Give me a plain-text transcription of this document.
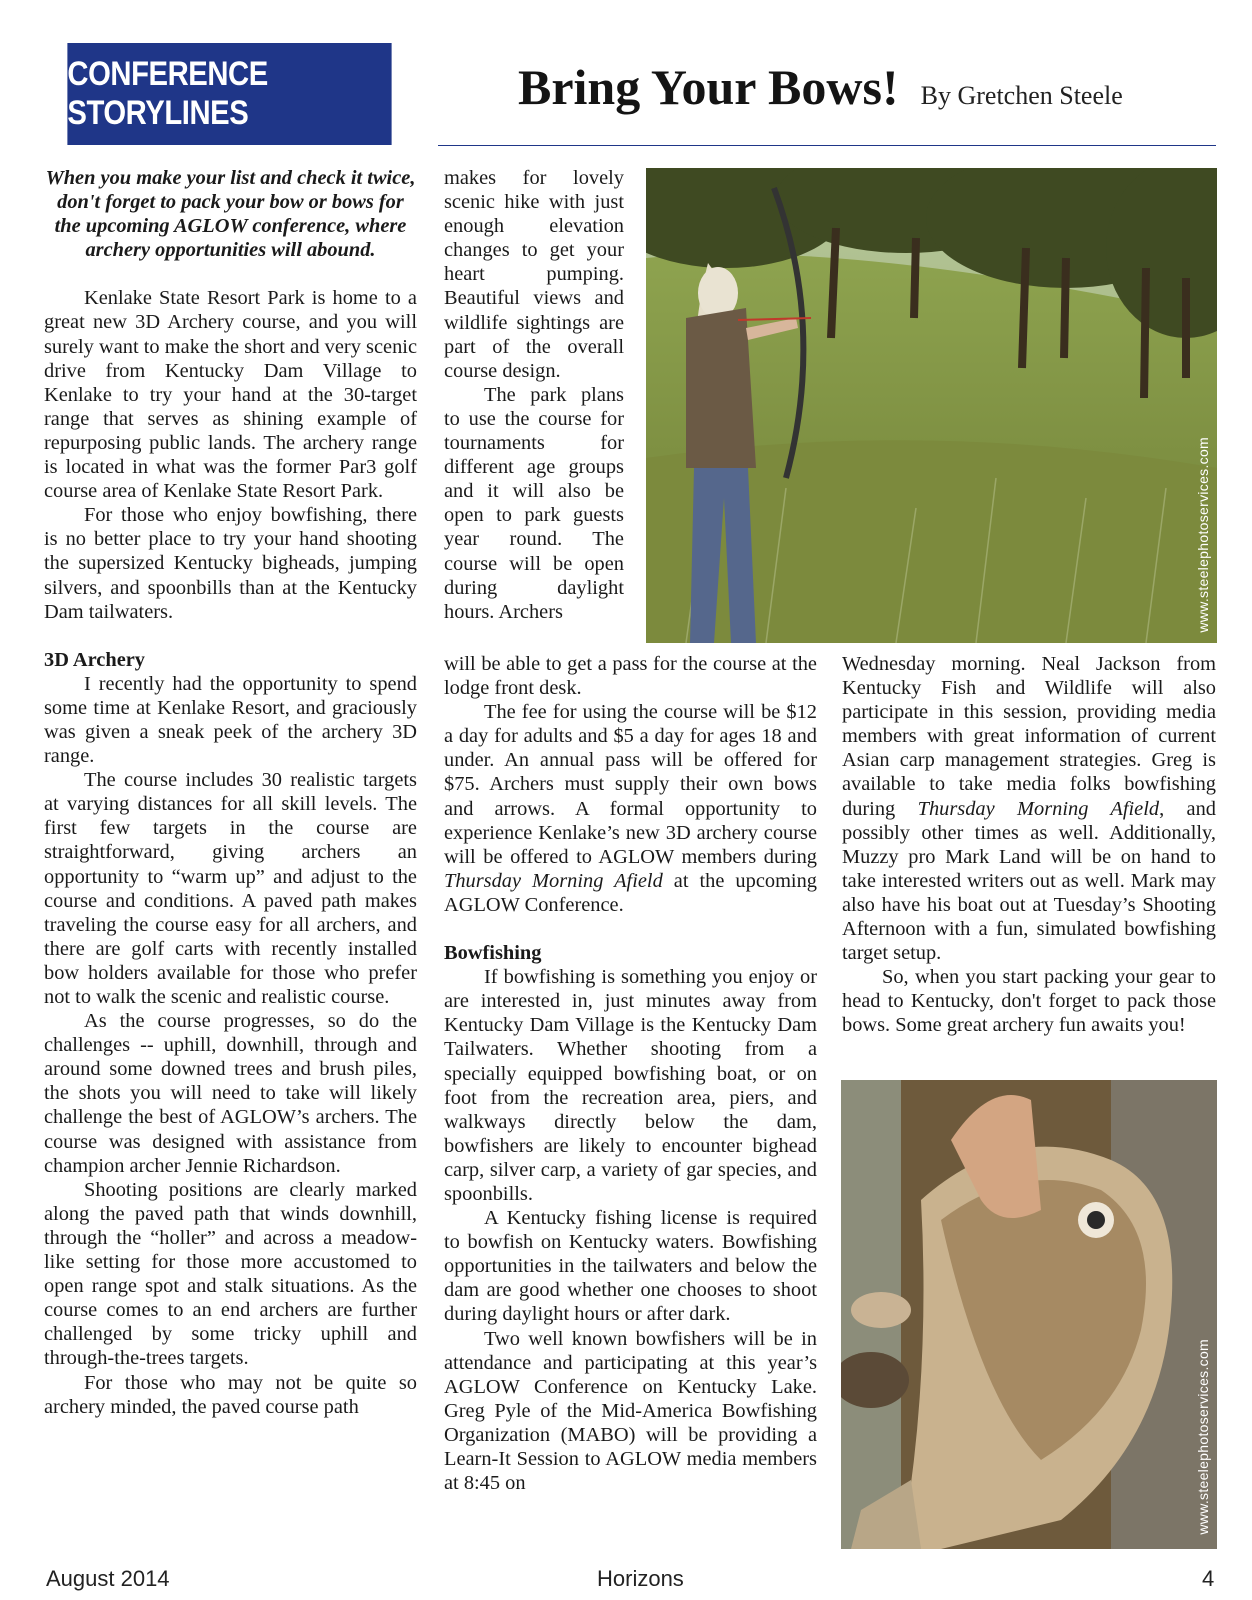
CONFERENCE STORYLINES	Bring Your Bows! By Gretchen Steele

When you make your list and check it twice, don't forget to pack your bow or bows for the upcoming AGLOW conference, where archery opportunities will abound.

Kenlake State Resort Park is home to a great new 3D Archery course, and you will surely want to make the short and very scenic drive from Kentucky Dam Village to Kenlake to try your hand at the 30-target range that serves as shining example of repurposing public lands. The archery range is located in what was the former Par3 golf course area of Kenlake State Resort Park.

For those who enjoy bowfishing, there is no better place to try your hand shooting the supersized Kentucky bigheads, jumping silvers, and spoonbills than at the Kentucky Dam tailwaters.

3D Archery

I recently had the opportunity to spend some time at Kenlake Resort, and graciously was given a sneak peek of the archery 3D range.

The course includes 30 realistic targets at varying distances for all skill levels. The first few targets in the course are straightforward, giving archers an opportunity to “warm up” and adjust to the course and conditions. A paved path makes traveling the course easy for all archers, and there are golf carts with recently installed bow holders available for those who prefer not to walk the scenic and realistic course.

As the course progresses, so do the challenges -- uphill, downhill, through and around some downed trees and brush piles, the shots you will need to take will likely challenge the best of AGLOW’s archers. The course was designed with assistance from champion archer Jennie Richardson.

Shooting positions are clearly marked along the paved path that winds downhill, through the “holler” and across a meadow-like setting for those more accustomed to open range spot and stalk situations. As the course comes to an end archers are further challenged by some tricky uphill and through-the-trees targets.

For those who may not be quite so archery minded, the paved course path

makes for lovely scenic hike with just enough elevation changes to get your heart pumping. Beautiful views and wildlife sightings are part of the overall course design.

The park plans to use the course for tournaments for different age groups and it will also be open to park guests year round. The course will be open during daylight hours. Archers

will be able to get a pass for the course at the lodge front desk.

The fee for using the course will be $12 a day for adults and $5 a day for ages 18 and under. An annual pass will be offered for $75. Archers must supply their own bows and arrows. A formal opportunity to experience Kenlake’s new 3D archery course will be offered to AGLOW members during Thursday Morning Afield at the upcoming AGLOW Conference.

Bowfishing

If bowfishing is something you enjoy or are interested in, just minutes away from Kentucky Dam Village is the Kentucky Dam Tailwaters. Whether shooting from a specially equipped bowfishing boat, or on foot from the recreation area, piers, and walkways directly below the dam, bowfishers are likely to encounter bighead carp, silver carp, a variety of gar species, and spoonbills.

A Kentucky fishing license is required to bowfish on Kentucky waters. Bowfishing opportunities in the tailwaters and below the dam are good whether one chooses to shoot during daylight hours or after dark.

Two well known bowfishers will be in attendance and participating at this year’s AGLOW Conference on Kentucky Lake. Greg Pyle of the Mid-America Bowfishing Organization (MABO) will be providing a Learn-It Session to AGLOW media members at 8:45 on

Wednesday morning. Neal Jackson from Kentucky Fish and Wildlife will also participate in this session, providing media members with great information of current Asian carp management strategies. Greg is available to take media folks bowfishing during Thursday Morning Afield, and possibly other times as well. Additionally, Muzzy pro Mark Land will be on hand to take interested writers out as well. Mark may also have his boat out at Tuesday’s Shooting Afternoon with a fun, simulated bowfishing target setup.

So, when you start packing your gear to head to Kentucky, don't forget to pack those bows. Some great archery fun awaits you!

www.steelephotoservices.com
www.steelephotoservices.com
August 2014	Horizons	4
